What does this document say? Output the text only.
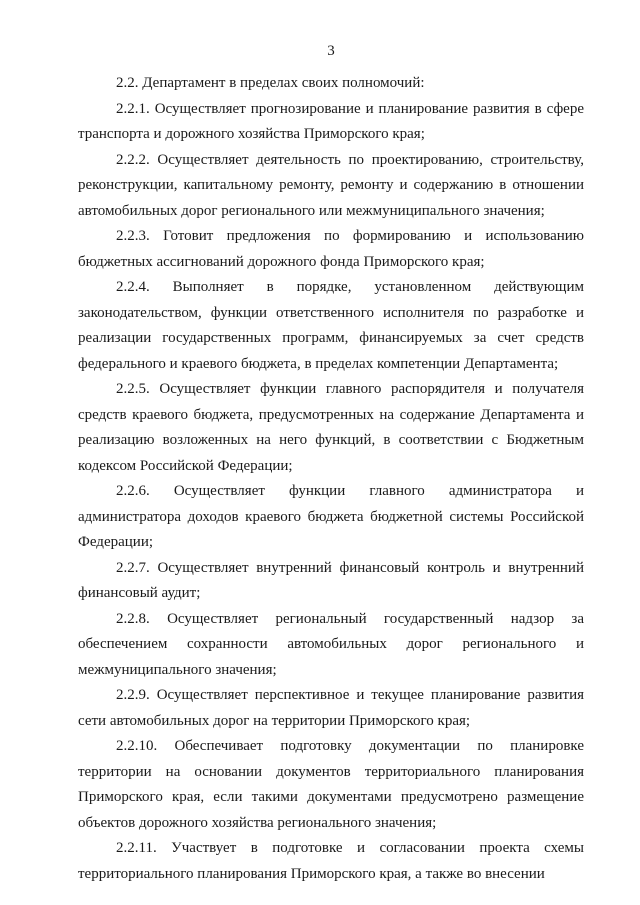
3

2.2. Департамент в пределах своих полномочий:

2.2.1. Осуществляет прогнозирование и планирование развития в сфере транспорта и дорожного хозяйства Приморского края;

2.2.2. Осуществляет деятельность по проектированию, строительству, реконструкции, капитальному ремонту, ремонту и содержанию в отношении автомобильных дорог регионального или межмуниципального значения;

2.2.3. Готовит предложения по формированию и использованию бюджетных ассигнований дорожного фонда Приморского края;

2.2.4. Выполняет в порядке, установленном действующим законодательством, функции ответственного исполнителя по разработке и реализации государственных программ, финансируемых за счет средств федерального и краевого бюджета, в пределах компетенции Департамента;

2.2.5. Осуществляет функции главного распорядителя и получателя средств краевого бюджета, предусмотренных на содержание Департамента и реализацию возложенных на него функций, в соответствии с Бюджетным кодексом Российской Федерации;

2.2.6. Осуществляет функции главного администратора и администратора доходов краевого бюджета бюджетной системы Российской Федерации;

2.2.7. Осуществляет внутренний финансовый контроль и внутренний финансовый аудит;

2.2.8. Осуществляет региональный государственный надзор за обеспечением сохранности автомобильных дорог регионального и межмуниципального значения;

2.2.9. Осуществляет перспективное и текущее планирование развития сети автомобильных дорог на территории Приморского края;

2.2.10. Обеспечивает подготовку документации по планировке территории на основании документов территориального планирования Приморского края, если такими документами предусмотрено размещение объектов дорожного хозяйства регионального значения;

2.2.11. Участвует в подготовке и согласовании проекта схемы территориального планирования Приморского края, а также во внесении
